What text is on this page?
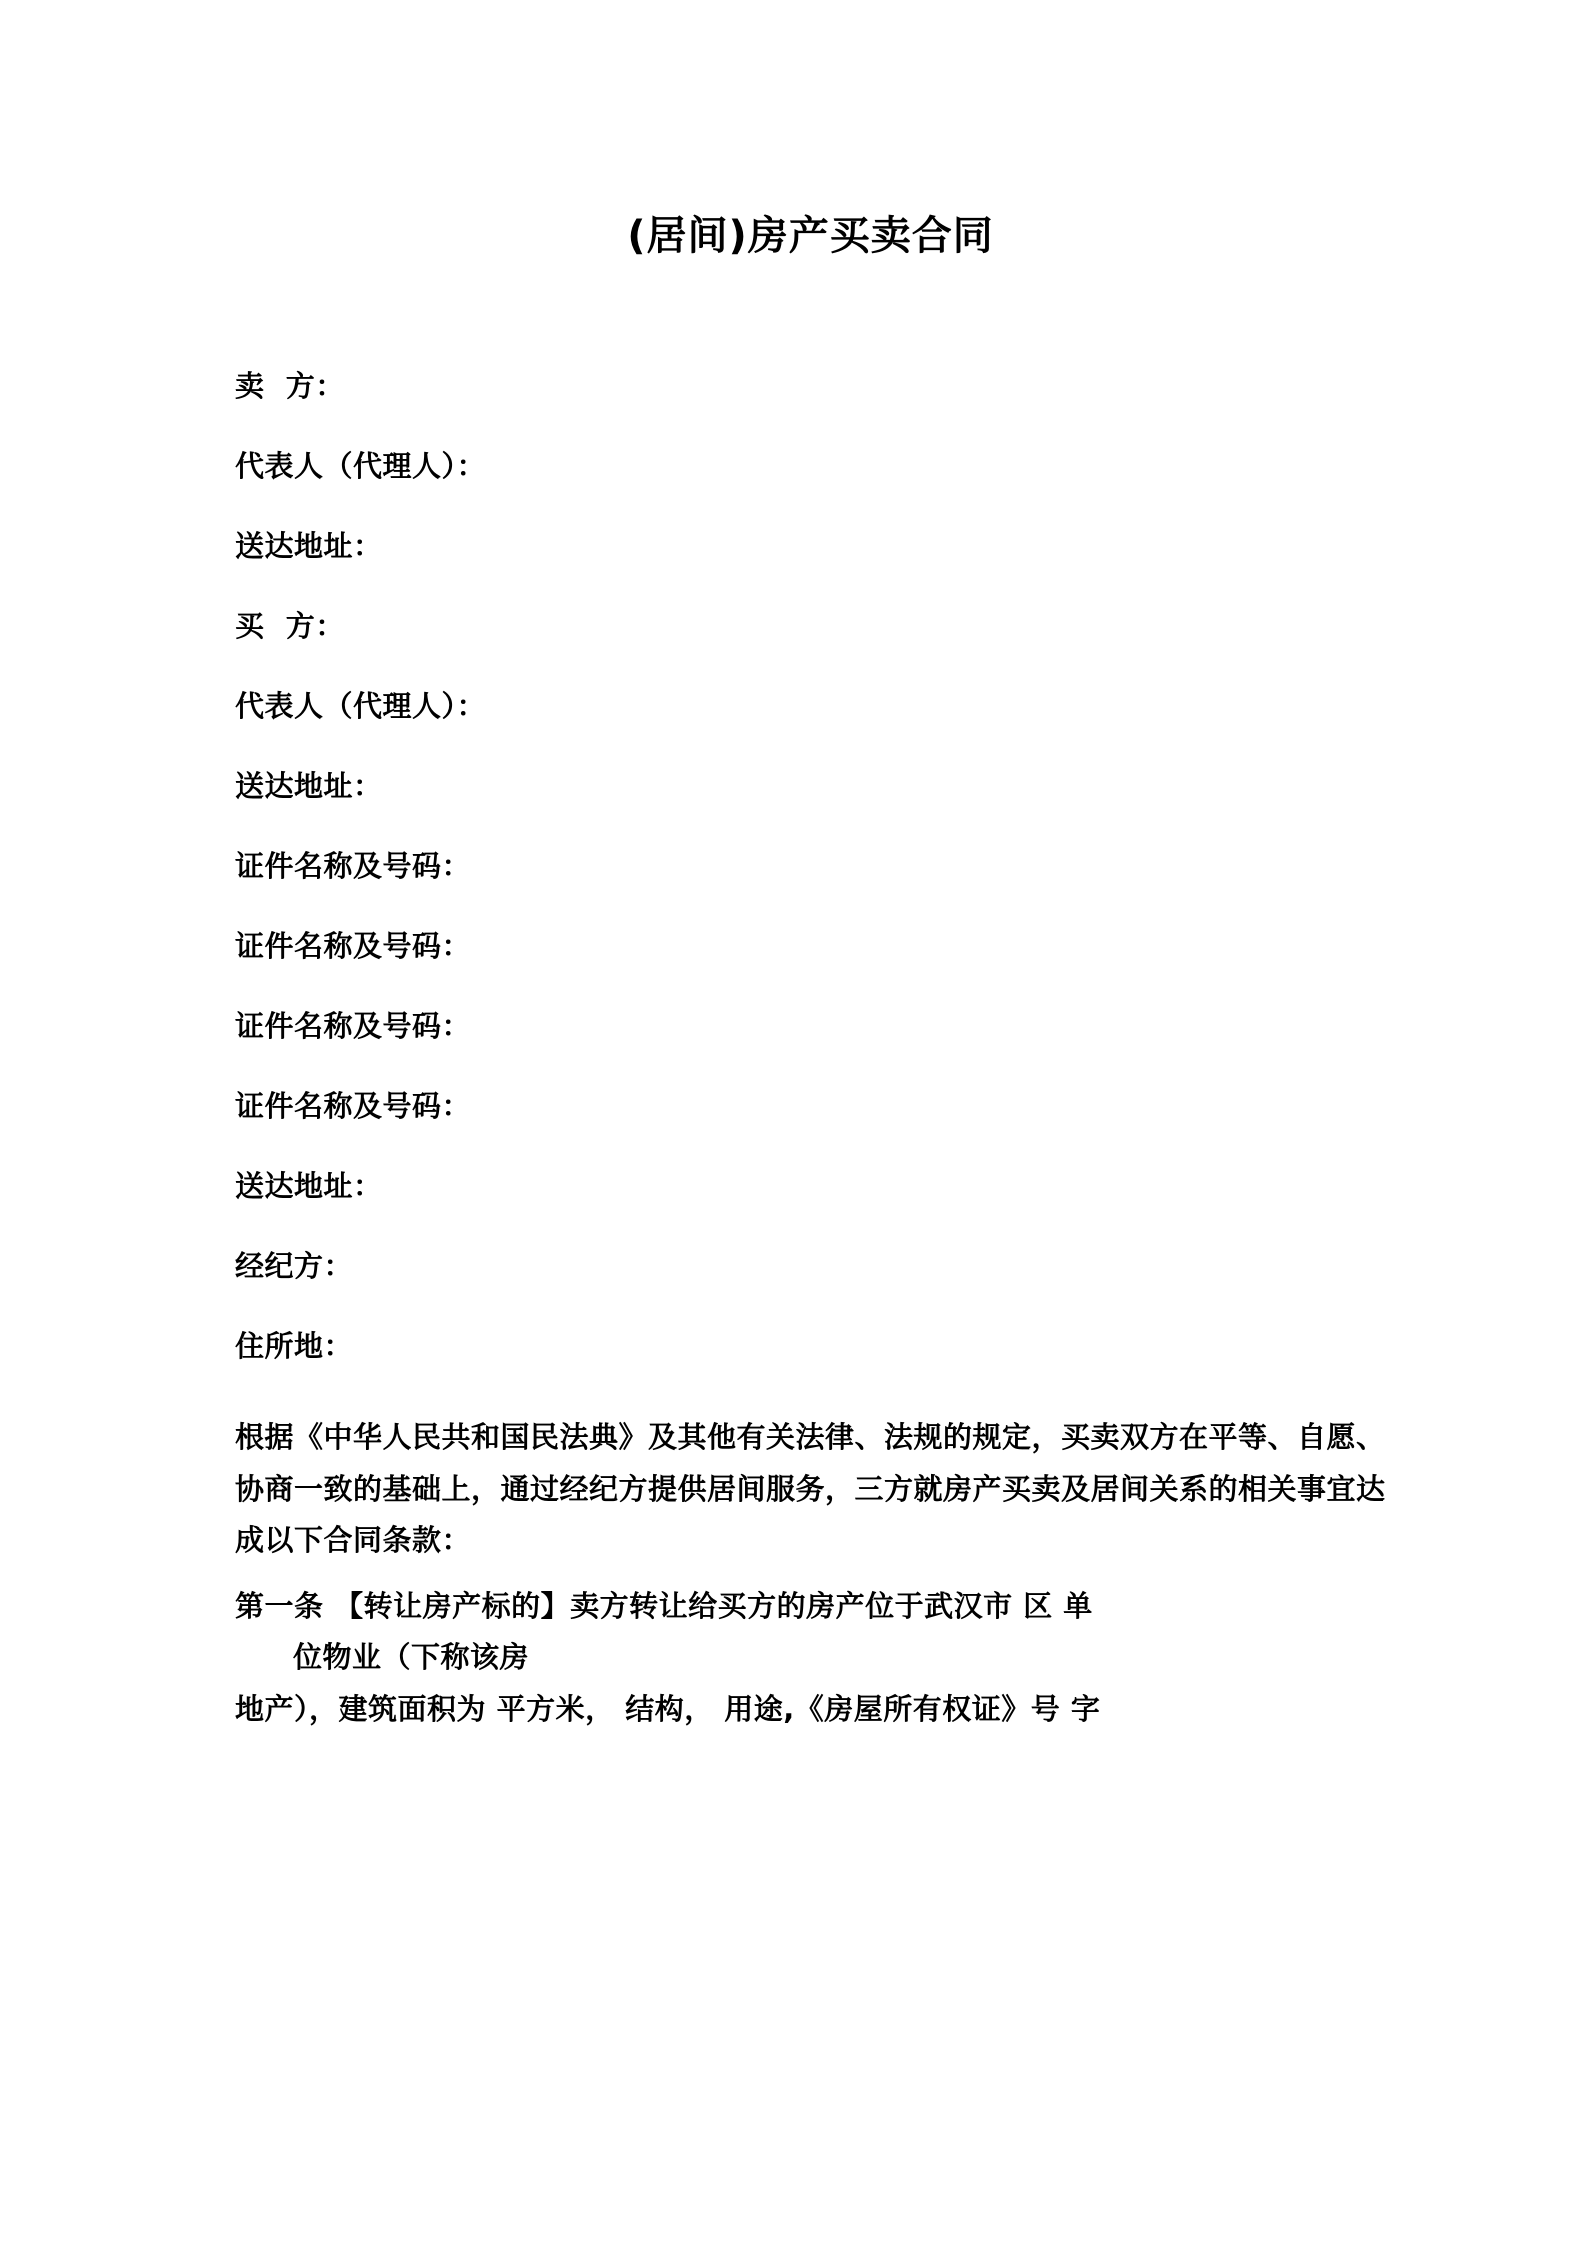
(居间)房产买卖合同

卖  方：

代表人（代理人）：

送达地址：

买  方：

代表人（代理人）：

送达地址：

证件名称及号码：

证件名称及号码：

证件名称及号码：

证件名称及号码：

送达地址：

经纪方：

住所地：

根据《中华人民共和国民法典》及其他有关法律、法规的规定，买卖双方在平等、自愿、协商一致的基础上，通过经纪方提供居间服务，三方就房产买卖及居间关系的相关事宜达成以下合同条款：

第一条 【转让房产标的】卖方转让给买方的房产位于武汉市 区 单
位物业（下称该房
地产），建筑面积为 平方米， 结构， 用途,《房屋所有权证》号 字
